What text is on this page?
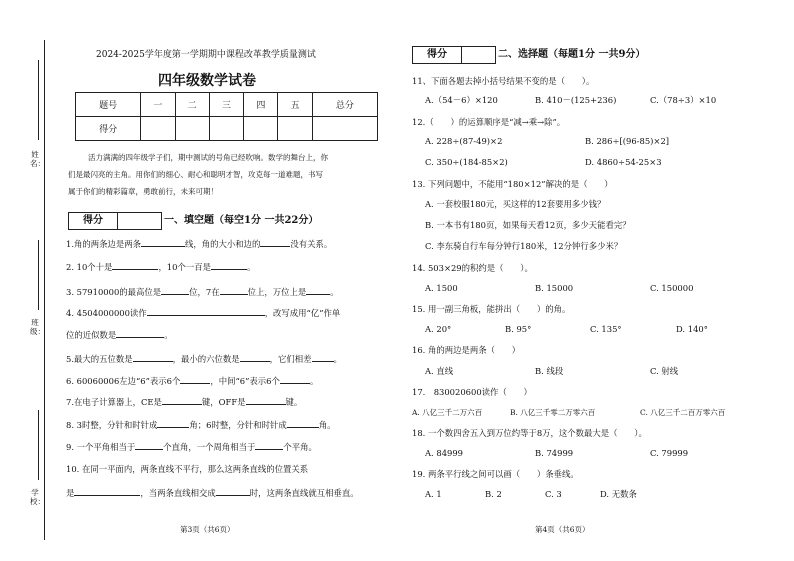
姓名：
班级：
学校：
2024-2025学年度第一学期期中课程改革教学质量测试
四年级数学试卷
题号	一	二	三	四	五	总分
得分						
活力满满的四年级学子们，期中测试的号角已经吹响。数学的舞台上，你
们是最闪亮的主角。用你们的细心、耐心和聪明才智，攻克每一道难题，书写
属于你们的精彩篇章，勇敢前行，未来可期！
得分	一、填空题（每空1分 一共22分）
1.角的两条边是两条	线，角的大小和边的	没有关系。
2. 10个十是	，10个一百是	。
3. 57910000的最高位是	位，7在	位上，万位上是	。
4. 4504000000读作	，改写成用“亿”作单
位的近似数是	。
5.最大的五位数是	，最小的六位数是	，它们相差	。
6. 60060006左边“6”表示6个	，中间“6”表示6个	。
7.在电子计算器上，CE是	键，OFF是	键。
8. 3时整，分针和时针成	角；6时整，分针和时针成	角。
9. 一个平角相当于	个直角，一个周角相当于	个平角。
10. 在同一平面内，两条直线不平行，那么这两条直线的位置关系
是	，当两条直线相交成	时，这两条直线就互相垂直。
第3页（共6页）
得分	二、选择题（每题1分 一共9分）
11、下面各题去掉小括号结果不变的是（　　）。
A.（54－6）×120	B. 410－(125+236)	C.（78÷3）×10
12.（　　）的运算顺序是“减→乘→除”。
A. 228÷(87-49)×2	B. 286÷[(96-85)×2]
C. 350÷(184-85×2)	D. 4860÷54-25×3
13. 下列问题中，不能用“180×12”解决的是（　　）
A. 一套校服180元，买这样的12套要用多少钱？
B. 一本书有180页，如果每天看12页，多少天能看完？
C. 李东骑自行车每分钟行180米，12分钟行多少米？
14. 503×29的积约是（　　）。
A. 1500	B. 15000	C. 150000
15. 用一副三角板，能拼出（　　）的角。
A. 20°	B. 95°	C. 135°	D. 140°
16. 角的两边是两条（　　）
A. 直线	B. 线段	C. 射线
17.　830020600读作（　　）
A. 八亿三千二万六百	B. 八亿三千零二万零六百	C. 八亿三千二百万零六百
18. 一个数四舍五入到万位约等于8万，这个数最大是（　　）。
A. 84999	B. 74999	C. 79999
19. 两条平行线之间可以画（　　）条垂线。
A. 1	B. 2	C. 3	D. 无数条
第4页（共6页）
